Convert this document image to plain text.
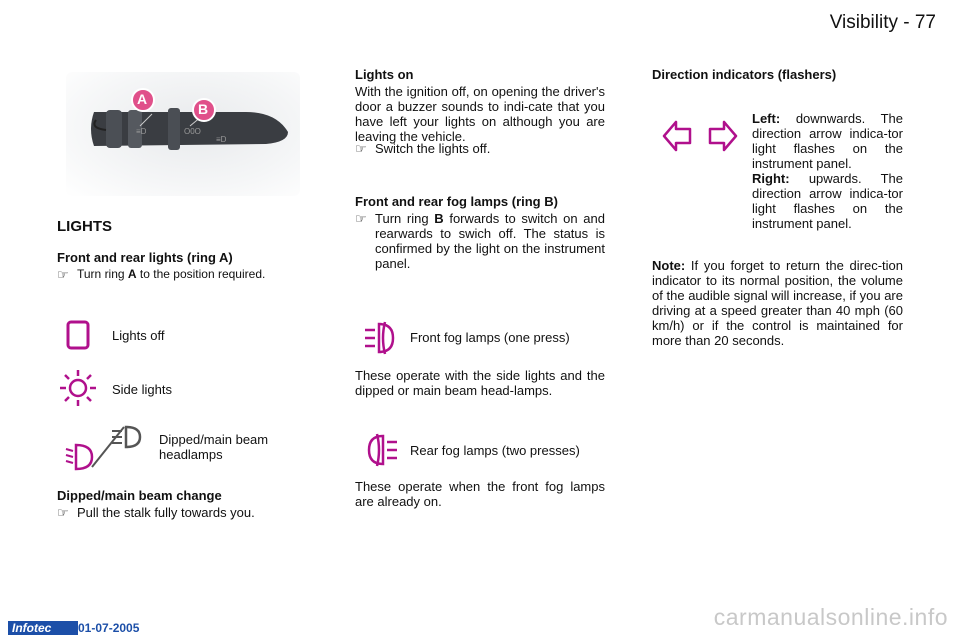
Visibility - 77
≡D	O0O
≡D
A
B
LIGHTS
Front and rear lights (ring A)
☞ Turn ring A to the position required.
Lights off
Side lights
Dipped/main beam
headlamps
Dipped/main beam change
☞ Pull the stalk fully towards you.
Lights on
With the ignition off, on opening the driver's door a buzzer sounds to indi-cate that you have left your lights on although you are leaving the vehicle.
☞ Switch the lights off.
Front and rear fog lamps (ring B)
☞ Turn ring B forwards to switch on and rearwards to swich off. The status is confirmed by the light on the instrument panel.
Front fog lamps (one press)
These operate with the side lights and the dipped or main beam head-lamps.
Rear fog lamps (two presses)
These operate when the front fog lamps are already on.
Direction indicators (flashers)
Left: downwards. The direction arrow indica-tor light flashes on the instrument panel.
Right: upwards. The direction arrow indica-tor light flashes on the instrument panel.
Note: If you forget to return the direc-tion indicator to its normal position, the volume of the audible signal will increase, if you are driving at a speed greater than 40 mph (60 km/h) or if the control is maintained for more than 20 seconds.
Infotec	01-07-2005	carmanualsonline.info
